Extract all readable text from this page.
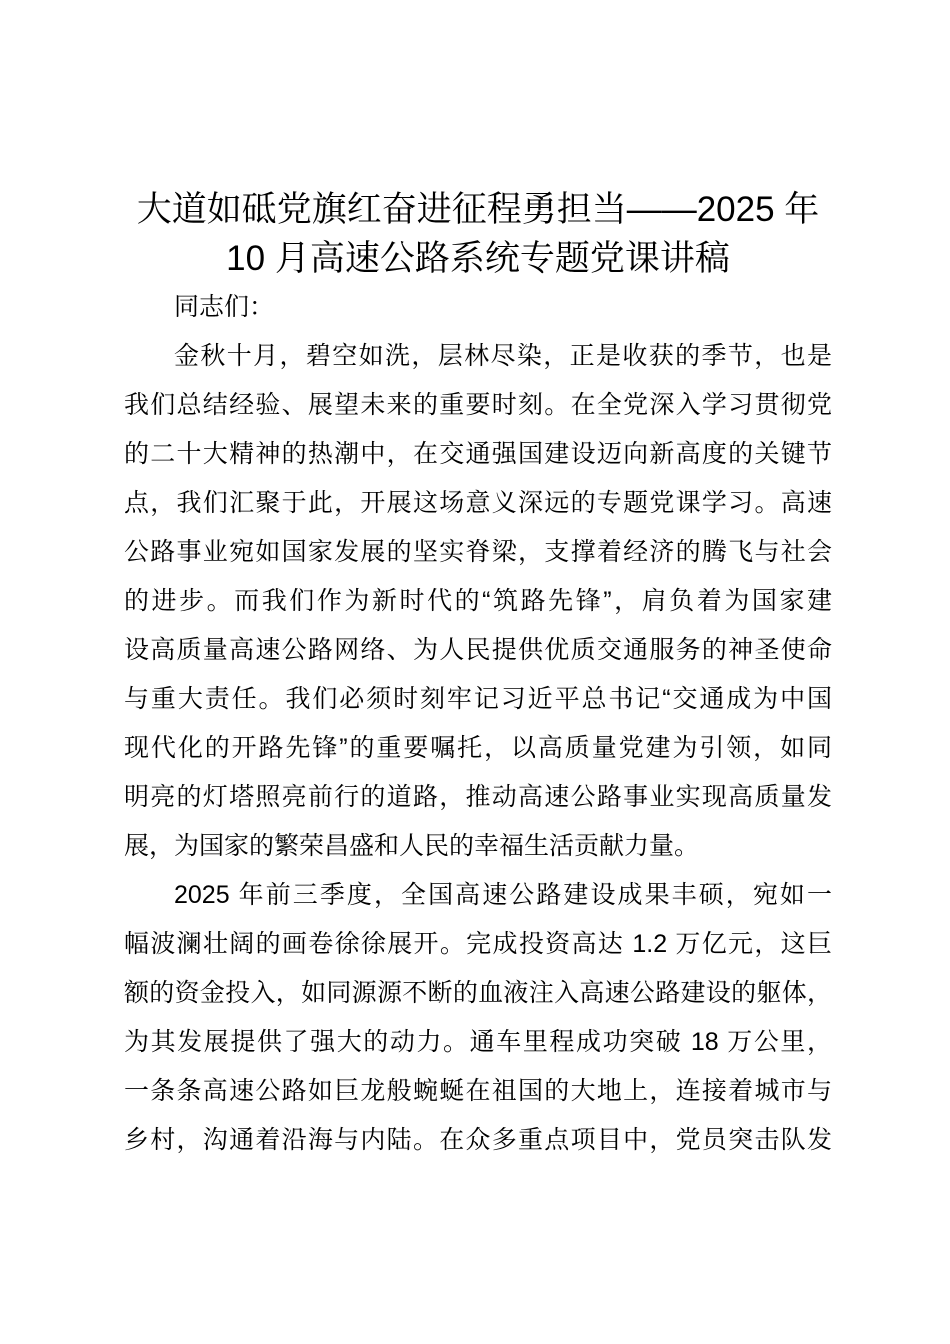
大道如砥党旗红奋进征程勇担当——2025 年
10 月高速公路系统专题党课讲稿
同志们：
金秋十月，碧空如洗，层林尽染，正是收获的季节，也是
我们总结经验、展望未来的重要时刻。在全党深入学习贯彻党
的二十大精神的热潮中，在交通强国建设迈向新高度的关键节
点，我们汇聚于此，开展这场意义深远的专题党课学习。高速
公路事业宛如国家发展的坚实脊梁，支撑着经济的腾飞与社会
的进步。而我们作为新时代的“筑路先锋”，肩负着为国家建
设高质量高速公路网络、为人民提供优质交通服务的神圣使命
与重大责任。我们必须时刻牢记习近平总书记“交通成为中国
现代化的开路先锋”的重要嘱托，以高质量党建为引领，如同
明亮的灯塔照亮前行的道路，推动高速公路事业实现高质量发
展，为国家的繁荣昌盛和人民的幸福生活贡献力量。
2025 年前三季度，全国高速公路建设成果丰硕，宛如一
幅波澜壮阔的画卷徐徐展开。完成投资高达 1.2 万亿元，这巨
额的资金投入，如同源源不断的血液注入高速公路建设的躯体，
为其发展提供了强大的动力。通车里程成功突破 18 万公里，
一条条高速公路如巨龙般蜿蜒在祖国的大地上，连接着城市与
乡村，沟通着沿海与内陆。在众多重点项目中，党员突击队发
